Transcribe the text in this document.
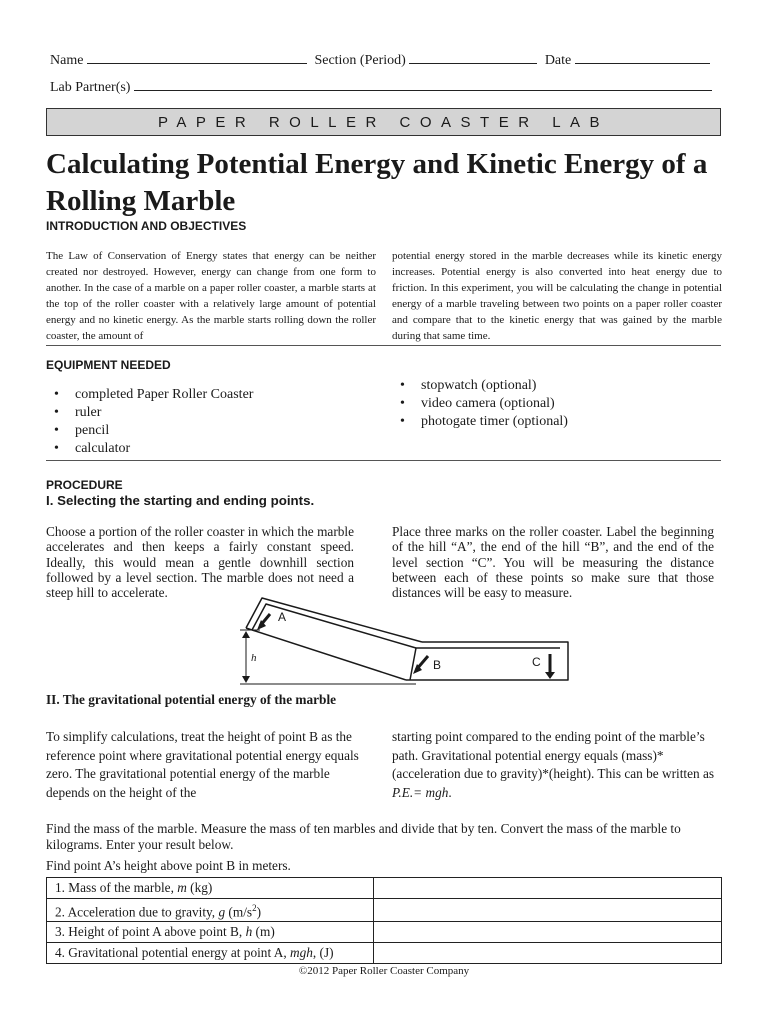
Name	Section (Period)	Date
Lab Partner(s)
PAPER ROLLER COASTER LAB
Calculating Potential Energy and Kinetic Energy of a Rolling Marble
INTRODUCTION AND OBJECTIVES
The Law of Conservation of Energy states that energy can be neither created nor destroyed. However, energy can change from one form to another. In the case of a marble on a paper roller coaster, a marble starts at the top of the roller coaster with a relatively large amount of potential energy and no kinetic energy. As the marble starts rolling down the roller coaster, the amount of
potential energy stored in the marble decreases while its kinetic energy increases. Potential energy is also converted into heat energy due to friction. In this experiment, you will be calculating the change in potential energy of a marble traveling between two points on a paper roller coaster and compare that to the kinetic energy that was gained by the marble during that same time.
EQUIPMENT NEEDED
• completed Paper Roller Coaster
• ruler
• pencil
• calculator
• stopwatch (optional)
• video camera (optional)
• photogate timer (optional)
PROCEDURE
I. Selecting the starting and ending points.
Choose a portion of the roller coaster in which the marble accelerates and then keeps a fairly constant speed. Ideally, this would mean a gentle downhill section followed by a level section. The marble does not need a steep hill to accelerate.
Place three marks on the roller coaster. Label the beginning of the hill “A”, the end of the hill “B”, and the end of the level section “C”. You will be measuring the distance between each of these points so make sure that those distances will be easy to measure.
A
B	C
h
II. The gravitational potential energy of the marble
To simplify calculations, treat the height of point B as the reference point where gravitational potential energy equals zero. The gravitational potential energy of the marble depends on the height of the
starting point compared to the ending point of the marble’s path. Gravitational potential energy equals (mass)*(acceleration due to gravity)*(height). This can be written as P.E.= mgh.
Find the mass of the marble. Measure the mass of ten marbles and divide that by ten. Convert the mass of the marble to kilograms. Enter your result below.
Find point A’s height above point B in meters.
1. Mass of the marble, m (kg)	
2. Acceleration due to gravity, g $(m/s^2)$	
3. Height of point A above point B, h (m)	
4. Gravitational potential energy at point A, mgh, (J)	
©2012 Paper Roller Coaster Company
